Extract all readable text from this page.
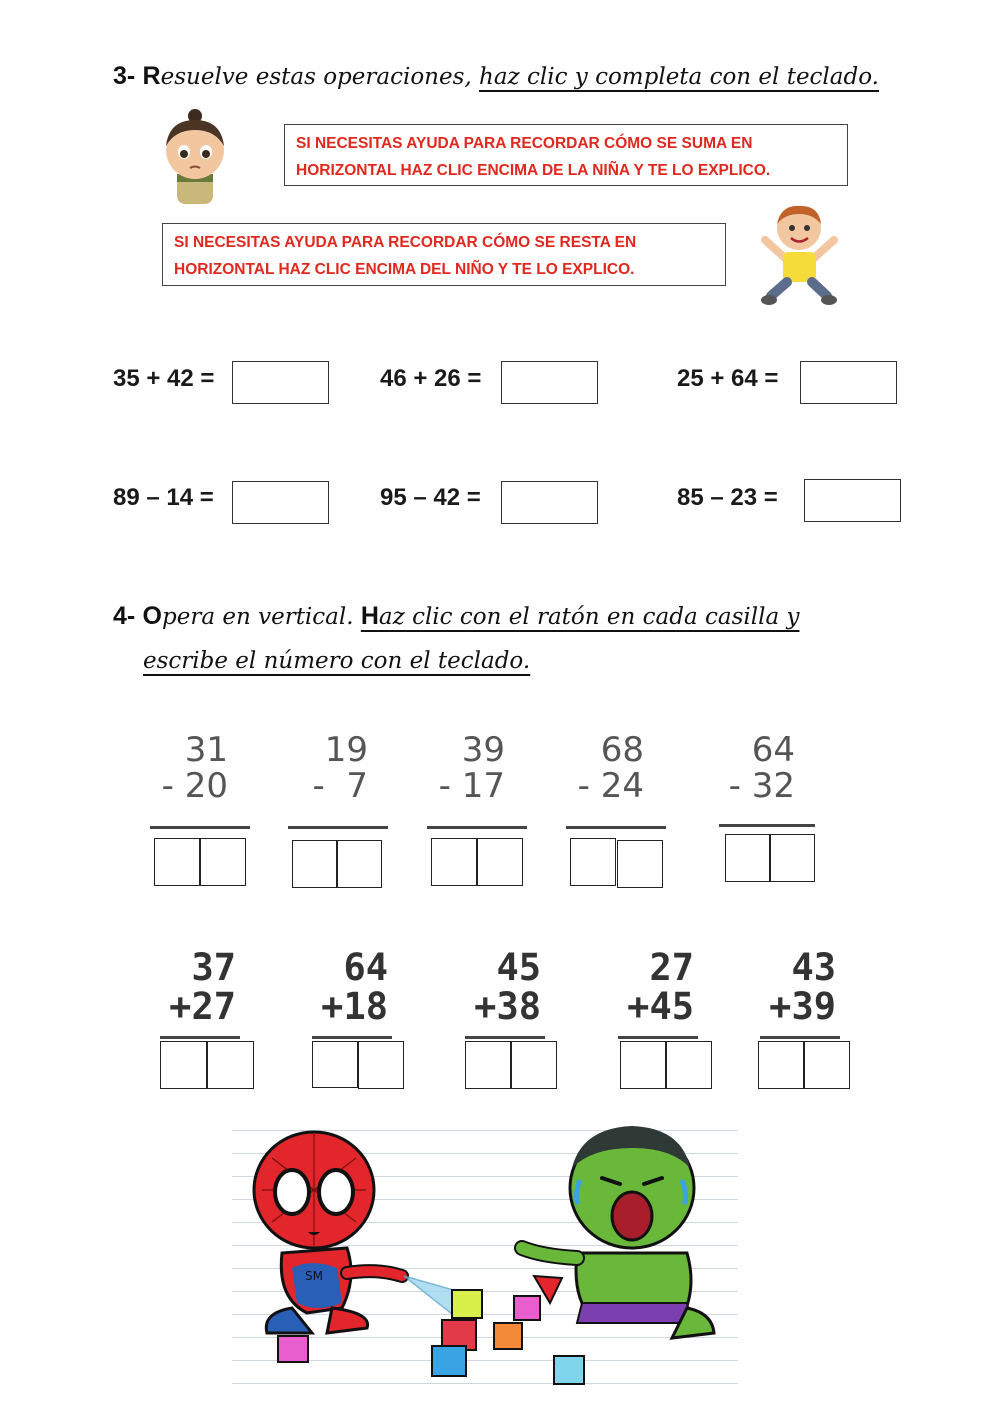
3- Resuelve estas operaciones, haz clic y completa con el teclado.
SI NECESITAS AYUDA PARA RECORDAR CÓMO SE SUMA EN
HORIZONTAL HAZ CLIC ENCIMA DE LA NIÑA Y TE LO EXPLICO.
SI NECESITAS AYUDA PARA RECORDAR CÓMO SE RESTA EN
HORIZONTAL HAZ CLIC ENCIMA DEL NIÑO Y TE LO EXPLICO.
35 + 42 =	46 + 26 =	25 + 64 =
89 – 14 =	95 – 42 =	85 – 23 =
4- Opera en vertical. Haz clic con el ratón en cada casilla y
escribe el número con el teclado.
31
- 20
19
-  7
39
- 17
68
- 24
64
- 32
37
+27
64
+18
45
+38
27
+45
43
+39
SM
